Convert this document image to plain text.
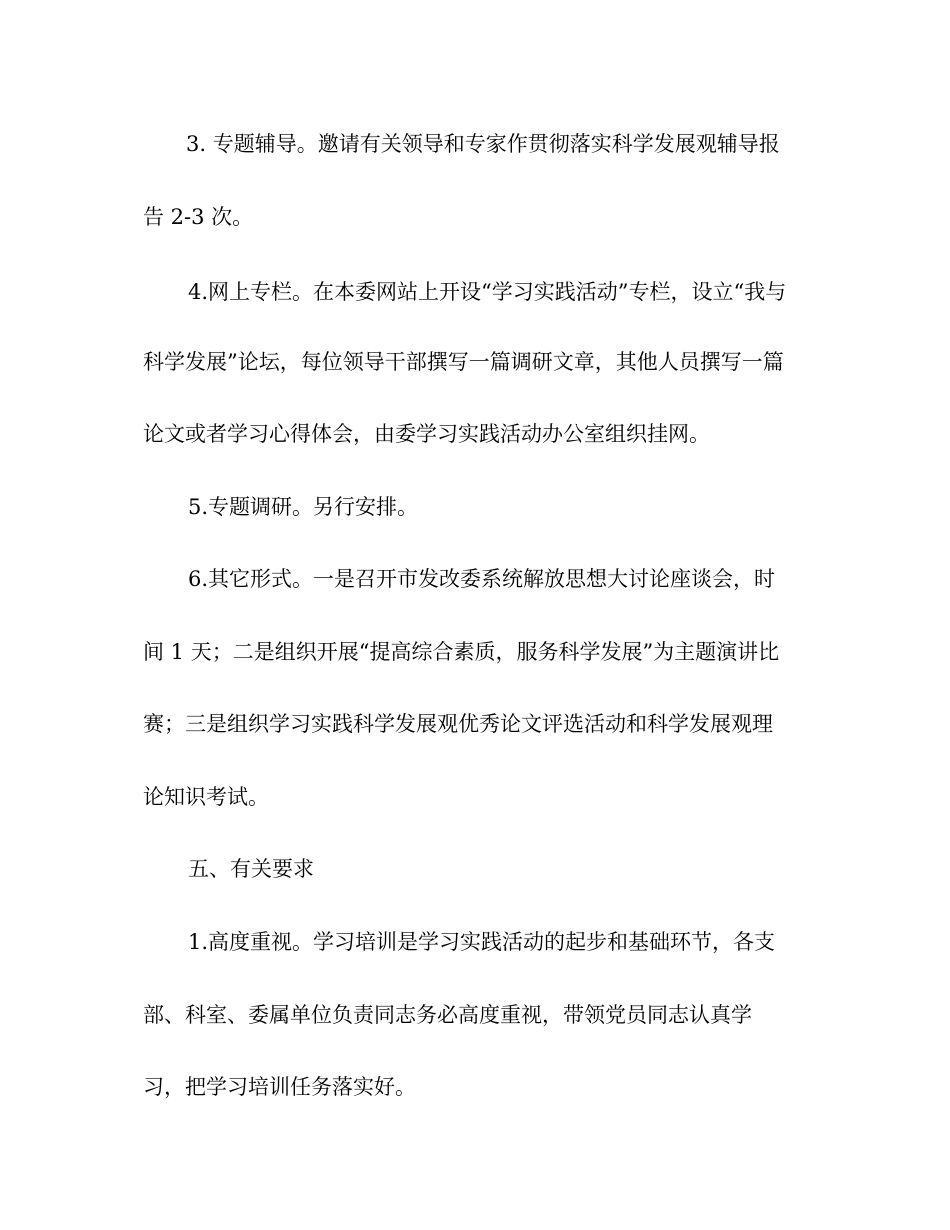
3. 专题辅导。邀请有关领导和专家作贯彻落实科学发展观辅导报

告 2-3 次。

4.网上专栏。在本委网站上开设“学习实践活动”专栏，设立“我与

科学发展”论坛，每位领导干部撰写一篇调研文章，其他人员撰写一篇

论文或者学习心得体会，由委学习实践活动办公室组织挂网。

5.专题调研。另行安排。

6.其它形式。一是召开市发改委系统解放思想大讨论座谈会，时

间 1 天；二是组织开展“提高综合素质，服务科学发展”为主题演讲比

赛；三是组织学习实践科学发展观优秀论文评选活动和科学发展观理

论知识考试。

五、有关要求

1.高度重视。学习培训是学习实践活动的起步和基础环节，各支

部、科室、委属单位负责同志务必高度重视，带领党员同志认真学

习，把学习培训任务落实好。
